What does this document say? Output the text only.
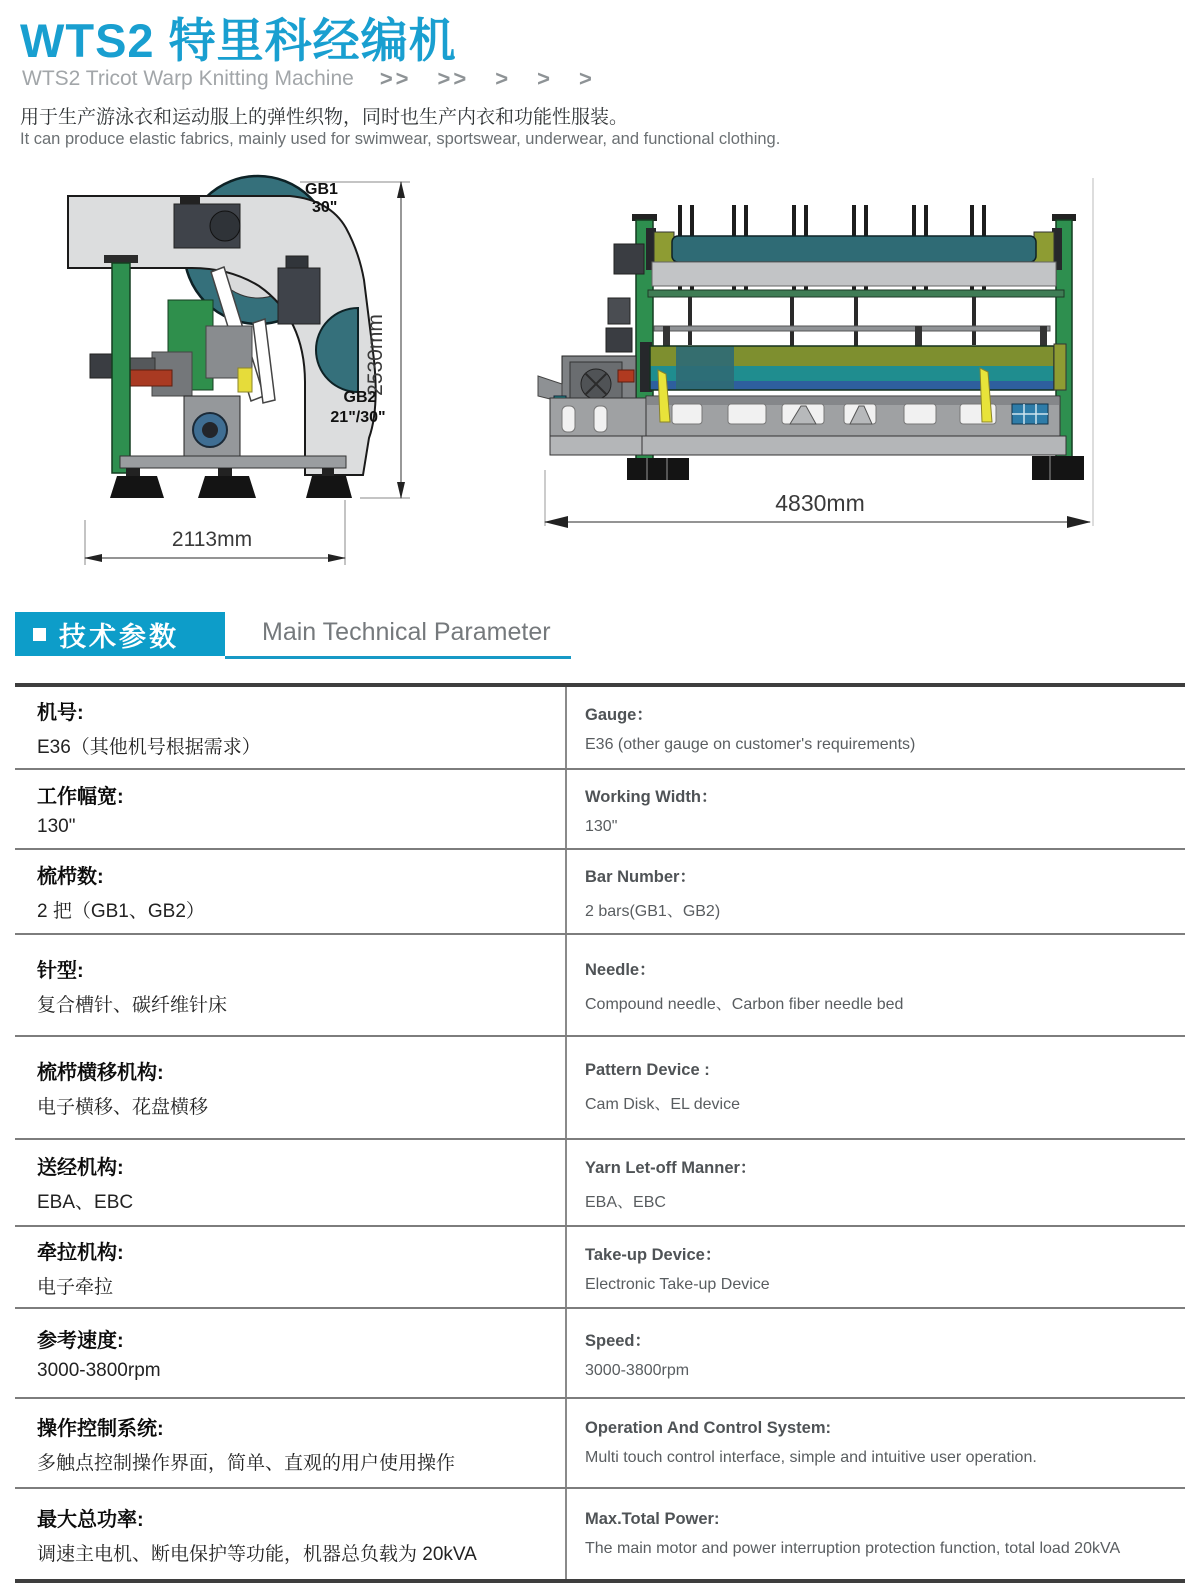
WTS2 特里科经编机
WTS2 Tricot Warp Knitting Machine >> >> > > >
用于生产游泳衣和运动服上的弹性织物，同时也生产内衣和功能性服装。
It can produce elastic fabrics, mainly used for swimwear, sportswear, underwear, and functional clothing.
GB1
30"
GB2
21"/30"
2530mm
2113mm
4830mm
技术参数	Main Technical Parameter
机号:
E36（其他机号根据需求）
Gauge：
E36 (other gauge on customer's requirements)
工作幅宽:
130"
Working Width：
130"
梳栉数:
2 把（GB1、GB2）
Bar Number：
2 bars(GB1、GB2)
针型:
复合槽针、碳纤维针床
Needle：
Compound needle、Carbon fiber needle bed
梳栉横移机构:
电子横移、花盘横移
Pattern Device :
Cam Disk、EL device
送经机构:
EBA、EBC
Yarn Let-off Manner：
EBA、EBC
牵拉机构:
电子牵拉
Take-up Device：
Electronic Take-up Device
参考速度:
3000-3800rpm
Speed：
3000-3800rpm
操作控制系统:
多触点控制操作界面，简单、直观的用户使用操作
Operation And Control System:
Multi touch control interface, simple and intuitive user operation.
最大总功率:
调速主电机、断电保护等功能，机器总负载为 20kVA
Max.Total Power:
The main motor and power interruption protection function, total load 20kVA
